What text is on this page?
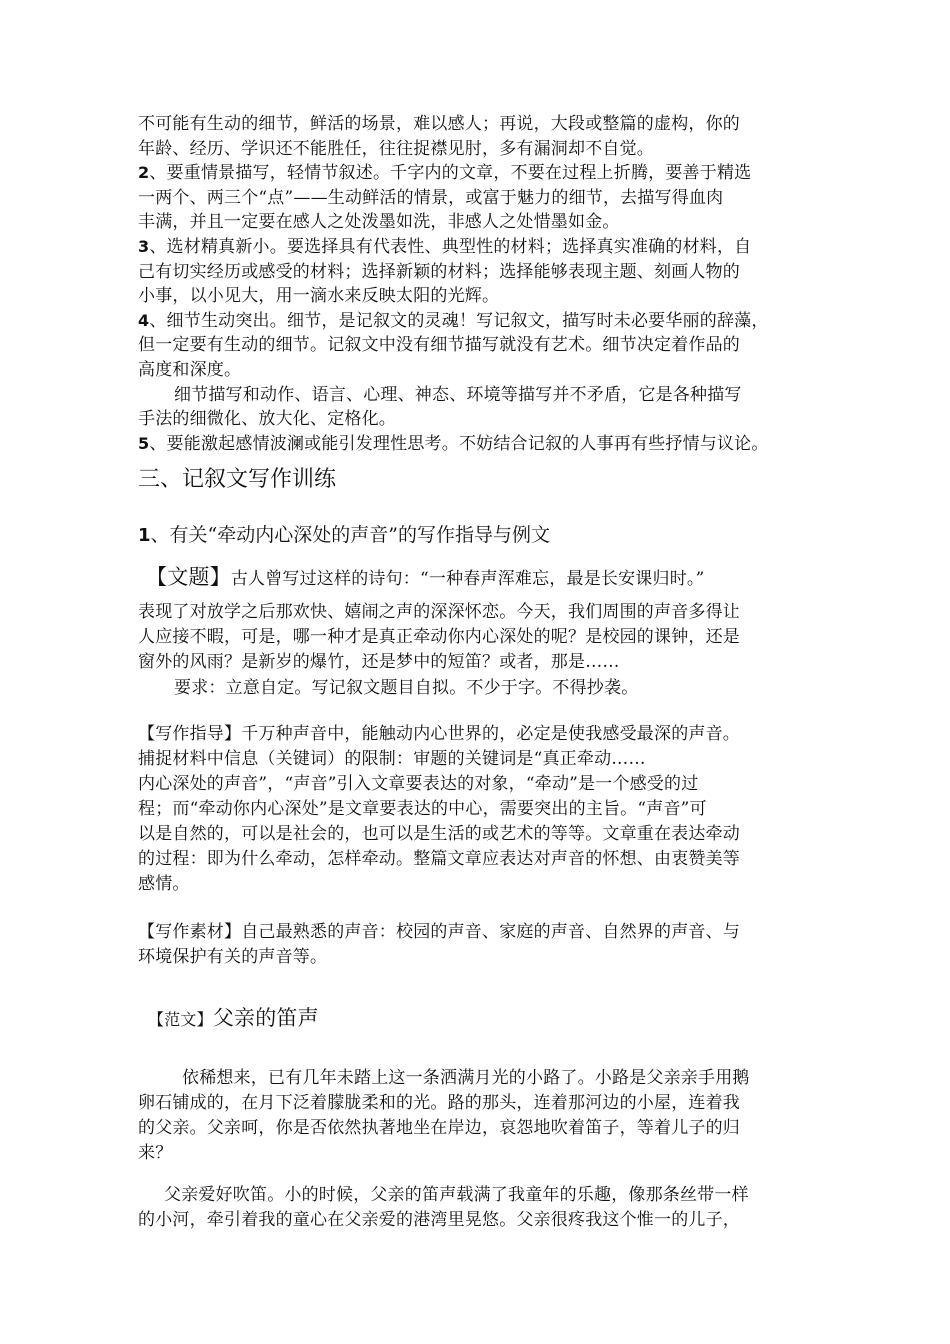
不可能有生动的细节，鲜活的场景，难以感人；再说，大段或整篇的虚构，你的
年龄、经历、学识还不能胜任，往往捉襟见肘，多有漏洞却不自觉。
2、要重情景描写，轻情节叙述。千字内的文章，不要在过程上折腾，要善于精选
一两个、两三个“点”——生动鲜活的情景，或富于魅力的细节，去描写得血肉
丰满，并且一定要在感人之处泼墨如洗，非感人之处惜墨如金。
3、选材精真新小。要选择具有代表性、典型性的材料；选择真实准确的材料，自
己有切实经历或感受的材料；选择新颖的材料；选择能够表现主题、刻画人物的
小事，以小见大，用一滴水来反映太阳的光辉。
4、细节生动突出。细节，是记叙文的灵魂！写记叙文，描写时未必要华丽的辞藻，
但一定要有生动的细节。记叙文中没有细节描写就没有艺术。细节决定着作品的
高度和深度。
细节描写和动作、语言、心理、神态、环境等描写并不矛盾，它是各种描写
手法的细微化、放大化、定格化。
5、要能激起感情波澜或能引发理性思考。不妨结合记叙的人事再有些抒情与议论。
三、记叙文写作训练
1、有关“牵动内心深处的声音”的写作指导与例文
【文题】古人曾写过这样的诗句：“一种春声浑难忘，最是长安课归时。”
表现了对放学之后那欢快、嬉闹之声的深深怀恋。今天，我们周围的声音多得让
人应接不暇，可是，哪一种才是真正牵动你内心深处的呢？是校园的课钟，还是
窗外的风雨？是新岁的爆竹，还是梦中的短笛？或者，那是……
要求：立意自定。写记叙文题目自拟。不少于字。不得抄袭。
【写作指导】千万种声音中，能触动内心世界的，必定是使我感受最深的声音。
捕捉材料中信息（关键词）的限制：审题的关键词是“真正牵动……
内心深处的声音”，“声音”引入文章要表达的对象，“牵动”是一个感受的过
程；而“牵动你内心深处”是文章要表达的中心，需要突出的主旨。“声音”可
以是自然的，可以是社会的，也可以是生活的或艺术的等等。文章重在表达牵动
的过程：即为什么牵动，怎样牵动。整篇文章应表达对声音的怀想、由衷赞美等
感情。
【写作素材】自己最熟悉的声音：校园的声音、家庭的声音、自然界的声音、与
环境保护有关的声音等。
【范文】父亲的笛声
依稀想来，已有几年未踏上这一条洒满月光的小路了。小路是父亲亲手用鹅
卵石铺成的，在月下泛着朦胧柔和的光。路的那头，连着那河边的小屋，连着我
的父亲。父亲呵，你是否依然执著地坐在岸边，哀怨地吹着笛子，等着儿子的归
来？
父亲爱好吹笛。小的时候，父亲的笛声载满了我童年的乐趣，像那条丝带一样
的小河，牵引着我的童心在父亲爱的港湾里晃悠。父亲很疼我这个惟一的儿子，
